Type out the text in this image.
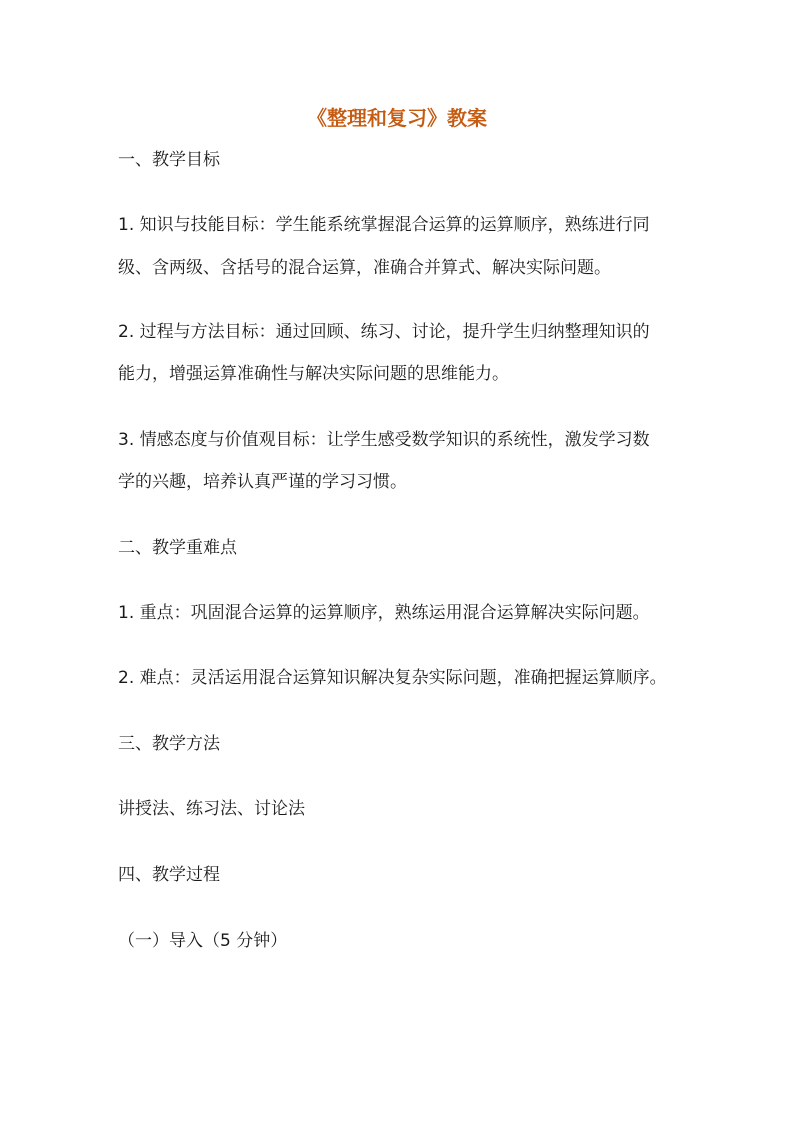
《整理和复习》教案
一、教学目标
1. 知识与技能目标：学生能系统掌握混合运算的运算顺序，熟练进行同
级、含两级、含括号的混合运算，准确合并算式、解决实际问题。
2. 过程与方法目标：通过回顾、练习、讨论，提升学生归纳整理知识的
能力，增强运算准确性与解决实际问题的思维能力。
3. 情感态度与价值观目标：让学生感受数学知识的系统性，激发学习数
学的兴趣，培养认真严谨的学习习惯。
二、教学重难点
1. 重点：巩固混合运算的运算顺序，熟练运用混合运算解决实际问题。
2. 难点：灵活运用混合运算知识解决复杂实际问题，准确把握运算顺序。
三、教学方法
讲授法、练习法、讨论法
四、教学过程
（一）导入（5 分钟）
